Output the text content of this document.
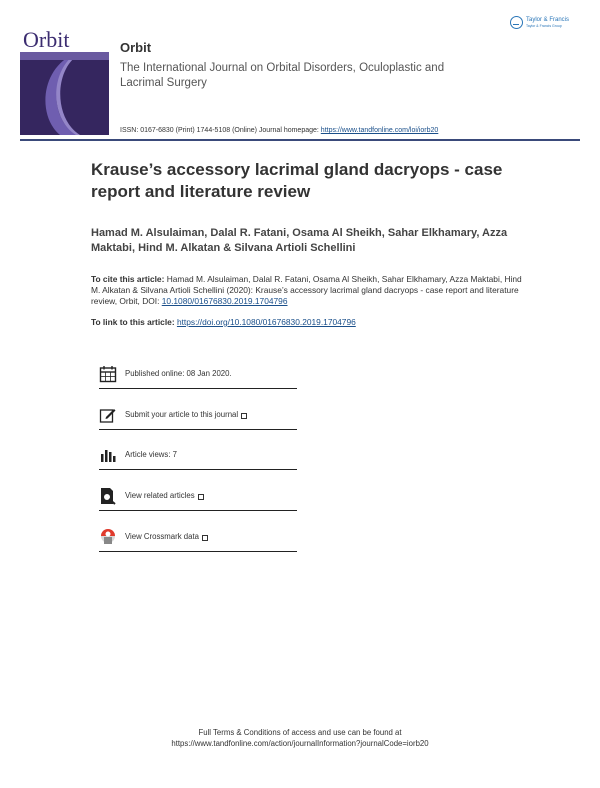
Orbit	Orbit
The International Journal on Orbital Disorders, Oculoplastic and Lacrimal Surgery
ISSN: 0167-6830 (Print) 1744-5108 (Online) Journal homepage: https://www.tandfonline.com/loi/iorb20
Taylor & Francis
Taylor & Francis Group
Krause’s accessory lacrimal gland dacryops - case report and literature review
Hamad M. Alsulaiman, Dalal R. Fatani, Osama Al Sheikh, Sahar Elkhamary, Azza Maktabi, Hind M. Alkatan & Silvana Artioli Schellini
To cite this article: Hamad M. Alsulaiman, Dalal R. Fatani, Osama Al Sheikh, Sahar Elkhamary, Azza Maktabi, Hind M. Alkatan & Silvana Artioli Schellini (2020): Krause’s accessory lacrimal gland dacryops - case report and literature review, Orbit, DOI: 10.1080/01676830.2019.1704796
To link to this article: https://doi.org/10.1080/01676830.2019.1704796
Published online: 08 Jan 2020.
Submit your article to this journal
Article views: 7
View related articles
View Crossmark data
Full Terms & Conditions of access and use can be found at
https://www.tandfonline.com/action/journalInformation?journalCode=iorb20
